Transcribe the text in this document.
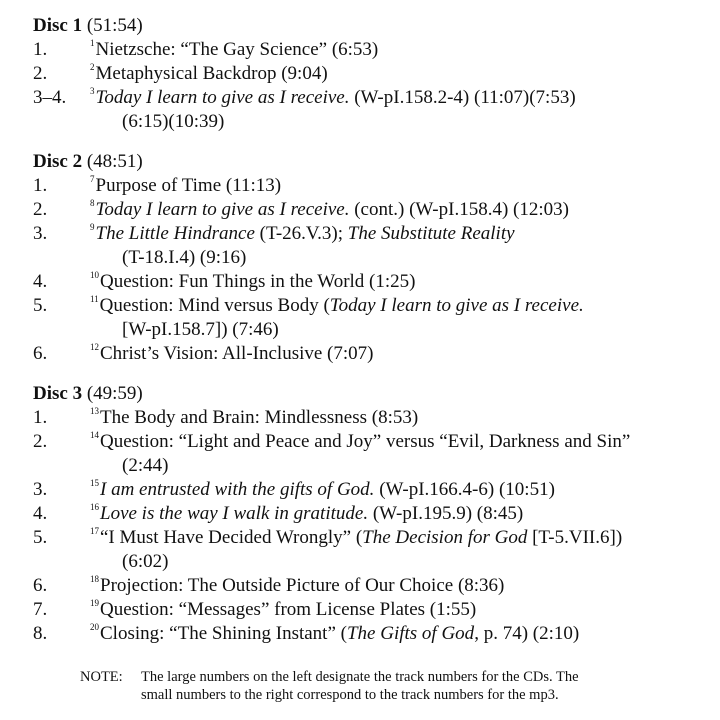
Disc 1 (51:54)
1.	$^1$Nietzsche: “The Gay Science” (6:53)
2.	$^2$Metaphysical Backdrop (9:04)
3–4.	$^3$Today I learn to give as I receive. (W-pI.158.2-4) (11:07)(7:53)
(6:15)(10:39)
Disc 2 (48:51)
1.	$^7$Purpose of Time (11:13)
2.	$^8$Today I learn to give as I receive. (cont.) (W-pI.158.4) (12:03)
3.	$^9$The Little Hindrance (T-26.V.3); The Substitute Reality
(T-18.I.4) (9:16)
4.	$^{10}$Question: Fun Things in the World (1:25)
5.	$^{11}$Question: Mind versus Body (Today I learn to give as I receive.
[W-pI.158.7]) (7:46)
6.	$^{12}$Christ’s Vision: All-Inclusive (7:07)
Disc 3 (49:59)
1.	$^{13}$The Body and Brain: Mindlessness (8:53)
2.	$^{14}$Question: “Light and Peace and Joy” versus “Evil, Darkness and Sin”
(2:44)
3.	$^{15}$I am entrusted with the gifts of God. (W-pI.166.4-6) (10:51)
4.	$^{16}$Love is the way I walk in gratitude. (W-pI.195.9) (8:45)
5.	$^{17}$“I Must Have Decided Wrongly” (The Decision for God [T-5.VII.6])
(6:02)
6.	$^{18}$Projection: The Outside Picture of Our Choice (8:36)
7.	$^{19}$Question: “Messages” from License Plates (1:55)
8.	$^{20}$Closing: “The Shining Instant” (The Gifts of God, p. 74) (2:10)
NOTE: The large numbers on the left designate the track numbers for the CDs. The
small numbers to the right correspond to the track numbers for the mp3.
